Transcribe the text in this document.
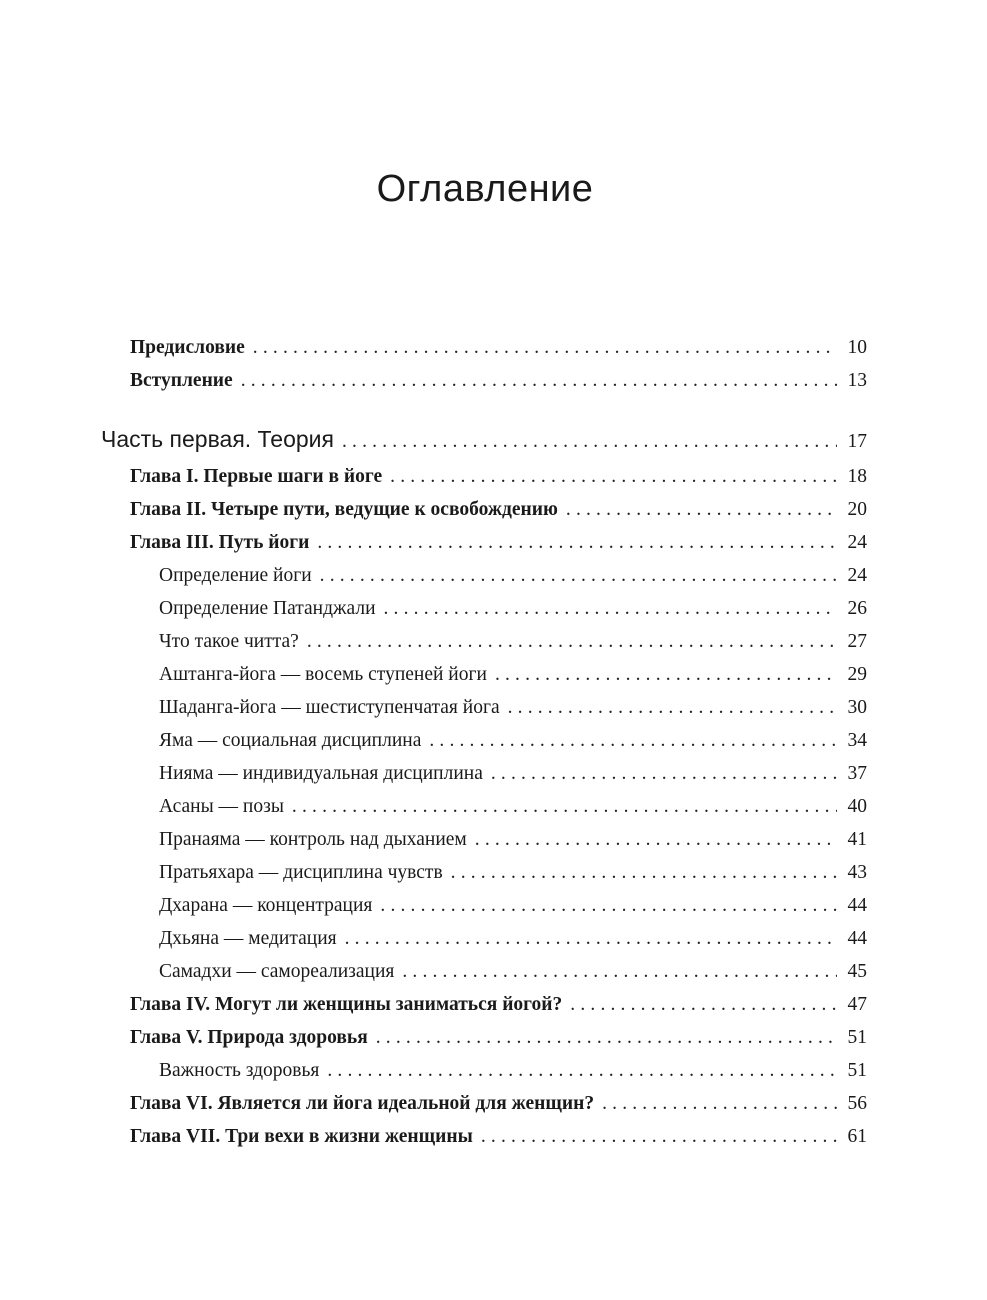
Оглавление
Предисловие . . .	10
Вступление . . .	13
Часть первая. Теория . . .	17
Глава I. Первые шаги в йоге . . .	18
Глава II. Четыре пути, ведущие к освобождению . . .	20
Глава III. Путь йоги . . .	24
Определение йоги . . .	24
Определение Патанджали . . .	26
Что такое читта? . . .	27
Аштанга-йога — восемь ступеней йоги . . .	29
Шаданга-йога — шестиступенчатая йога . . .	30
Яма — социальная дисциплина . . .	34
Нияма — индивидуальная дисциплина . . .	37
Асаны — позы . . .	40
Пранаяма — контроль над дыханием . . .	41
Пратьяхара — дисциплина чувств . . .	43
Дхарана — концентрация . . .	44
Дхьяна — медитация . . .	44
Самадхи — самореализация . . .	45
Глава IV. Могут ли женщины заниматься йогой? . . .	47
Глава V. Природа здоровья . . .	51
Важность здоровья . . .	51
Глава VI. Является ли йога идеальной для женщин? . . .	56
Глава VII. Три вехи в жизни женщины . . .	61
